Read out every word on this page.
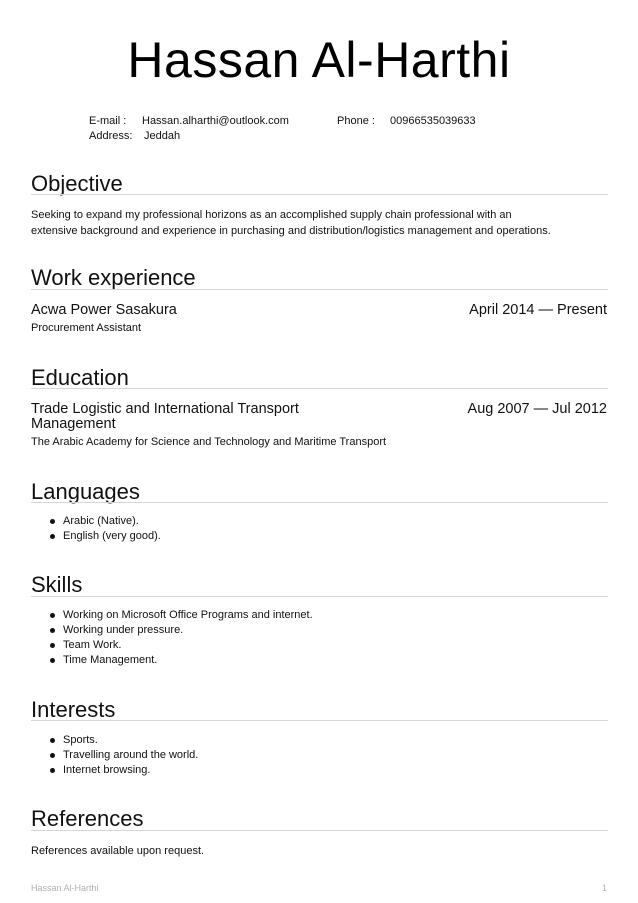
Hassan Al-Harthi
E-mail : Hassan.alharthi@outlook.com	Phone : 00966535039633
Address: Jeddah
Objective
Seeking to expand my professional horizons as an accomplished supply chain professional with an
extensive background and experience in purchasing and distribution/logistics management and operations.
Work experience
Acwa Power Sasakura	April 2014 — Present
Procurement Assistant
Education
Trade Logistic and International Transport
Management
Aug 2007 — Jul 2012
The Arabic Academy for Science and Technology and Maritime Transport
Languages
Arabic (Native).
English (very good).
Skills
Working on Microsoft Office Programs and internet.
Working under pressure.
Team Work.
Time Management.
Interests
Sports.
Travelling around the world.
Internet browsing.
References
References available upon request.
Hassan Al-Harthi	1
